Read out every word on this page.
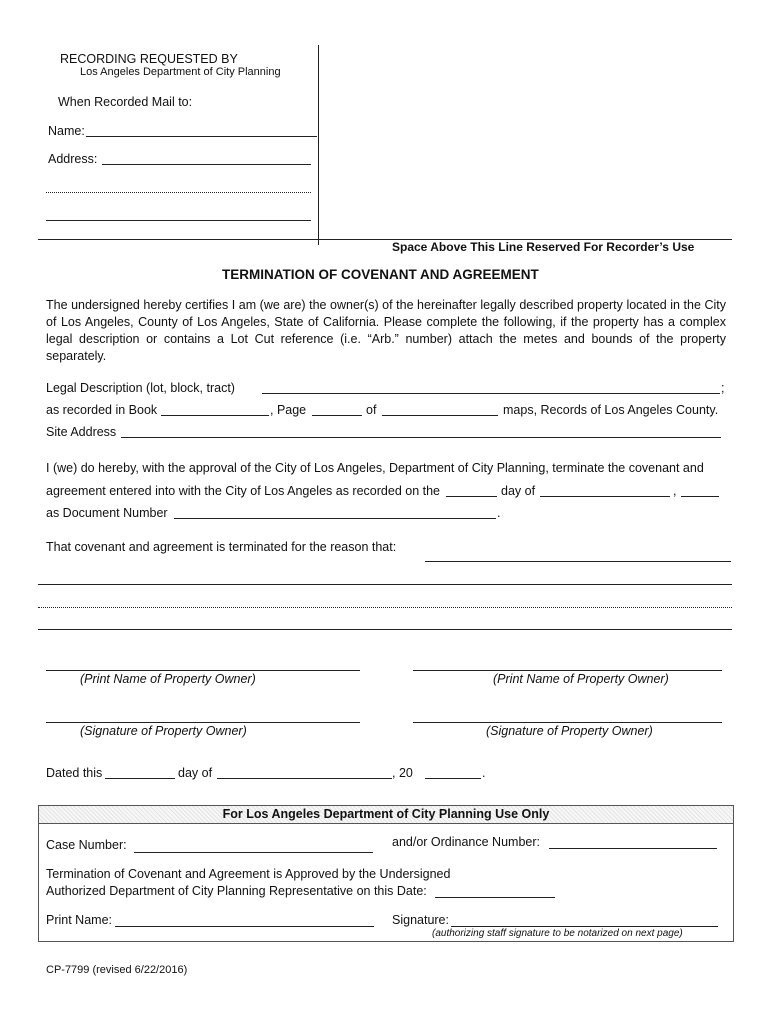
RECORDING REQUESTED BY
Los Angeles Department of City Planning
When Recorded Mail to:
Name:
Address:
Space Above This Line Reserved For Recorder’s Use
TERMINATION OF COVENANT AND AGREEMENT
The undersigned hereby certifies I am (we are) the owner(s) of the hereinafter legally described property located in the City of Los Angeles, County of Los Angeles, State of California. Please complete the following, if the property has a complex legal description or contains a Lot Cut reference (i.e. “Arb.” number) attach the metes and bounds of the property separately.
Legal Description (lot, block, tract)	;
as recorded in Book	, Page	of	maps, Records of Los Angeles County.
Site Address
I (we) do hereby, with the approval of the City of Los Angeles, Department of City Planning, terminate the covenant and
agreement entered into with the City of Los Angeles as recorded on the	day of	,
as Document Number	.
That covenant and agreement is terminated for the reason that:
(Print Name of Property Owner)	(Print Name of Property Owner)
(Signature of Property Owner)	(Signature of Property Owner)
Dated this	day of	, 20	.
For Los Angeles Department of City Planning Use Only
Case Number:	and/or Ordinance Number:
Termination of Covenant and Agreement is Approved by the Undersigned
Authorized Department of City Planning Representative on this Date:
Print Name:	Signature:
(authorizing staff signature to be notarized on next page)
CP-7799 (revised 6/22/2016)
